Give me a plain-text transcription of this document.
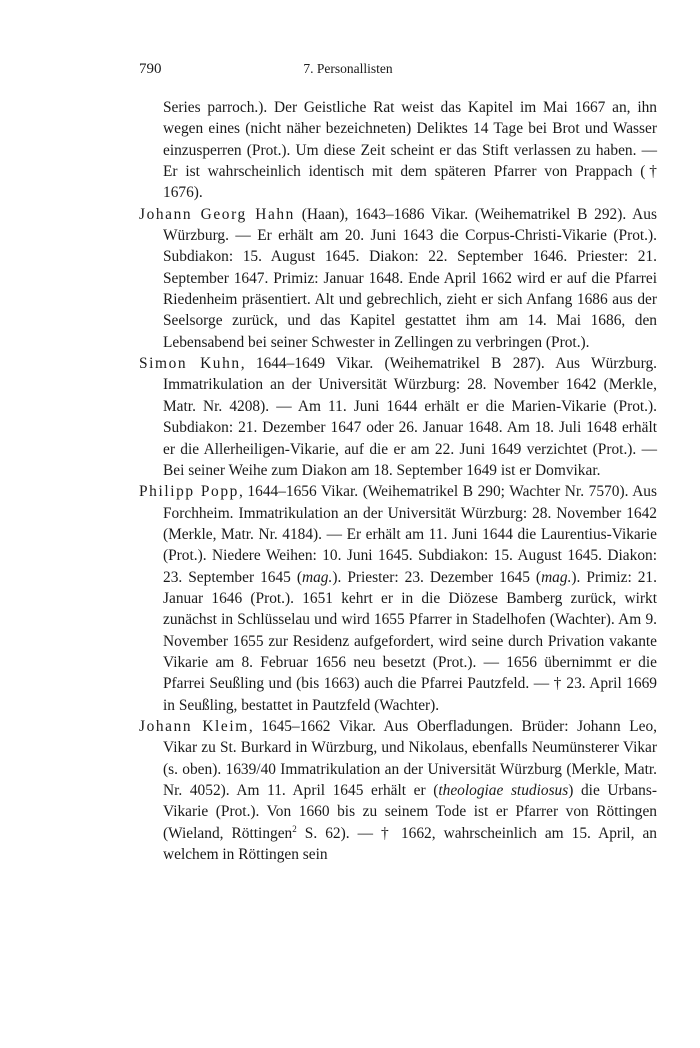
790	7. Personallisten

Series parroch.). Der Geistliche Rat weist das Kapitel im Mai 1667 an, ihn wegen eines (nicht näher bezeichneten) Deliktes 14 Tage bei Brot und Wasser einzusperren (Prot.). Um diese Zeit scheint er das Stift verlassen zu haben. — Er ist wahrscheinlich identisch mit dem späteren Pfarrer von Prappach († 1676).

Johann Georg Hahn (Haan), 1643–1686 Vikar. (Weihematrikel B 292). Aus Würzburg. — Er erhält am 20. Juni 1643 die Corpus-Christi-Vikarie (Prot.). Subdiakon: 15. August 1645. Diakon: 22. September 1646. Priester: 21. September 1647. Primiz: Januar 1648. Ende April 1662 wird er auf die Pfarrei Riedenheim präsentiert. Alt und gebrechlich, zieht er sich Anfang 1686 aus der Seelsorge zurück, und das Kapitel gestattet ihm am 14. Mai 1686, den Lebensabend bei seiner Schwester in Zellingen zu verbringen (Prot.).

Simon Kuhn, 1644–1649 Vikar. (Weihematrikel B 287). Aus Würzburg. Immatrikulation an der Universität Würzburg: 28. November 1642 (Merkle, Matr. Nr. 4208). — Am 11. Juni 1644 erhält er die Marien-Vikarie (Prot.). Subdiakon: 21. Dezember 1647 oder 26. Januar 1648. Am 18. Juli 1648 erhält er die Allerheiligen-Vikarie, auf die er am 22. Juni 1649 verzichtet (Prot.). — Bei seiner Weihe zum Diakon am 18. September 1649 ist er Domvikar.

Philipp Popp, 1644–1656 Vikar. (Weihematrikel B 290; Wachter Nr. 7570). Aus Forchheim. Immatrikulation an der Universität Würzburg: 28. November 1642 (Merkle, Matr. Nr. 4184). — Er erhält am 11. Juni 1644 die Laurentius-Vikarie (Prot.). Niedere Weihen: 10. Juni 1645. Subdiakon: 15. August 1645. Diakon: 23. September 1645 (mag.). Priester: 23. Dezember 1645 (mag.). Primiz: 21. Januar 1646 (Prot.). 1651 kehrt er in die Diözese Bamberg zurück, wirkt zunächst in Schlüsselau und wird 1655 Pfarrer in Stadelhofen (Wachter). Am 9. November 1655 zur Residenz aufgefordert, wird seine durch Privation vakante Vikarie am 8. Februar 1656 neu besetzt (Prot.). — 1656 übernimmt er die Pfarrei Seußling und (bis 1663) auch die Pfarrei Pautzfeld. — † 23. April 1669 in Seußling, bestattet in Pautzfeld (Wachter).

Johann Kleim, 1645–1662 Vikar. Aus Oberfladungen. Brüder: Johann Leo, Vikar zu St. Burkard in Würzburg, und Nikolaus, ebenfalls Neumünsterer Vikar (s. oben). 1639/40 Immatrikulation an der Universität Würzburg (Merkle, Matr. Nr. 4052). Am 11. April 1645 erhält er (theologiae studiosus) die Urbans-Vikarie (Prot.). Von 1660 bis zu seinem Tode ist er Pfarrer von Röttingen (Wieland, Röttingen$^2$ S. 62). — † 1662, wahrscheinlich am 15. April, an welchem in Röttingen sein
